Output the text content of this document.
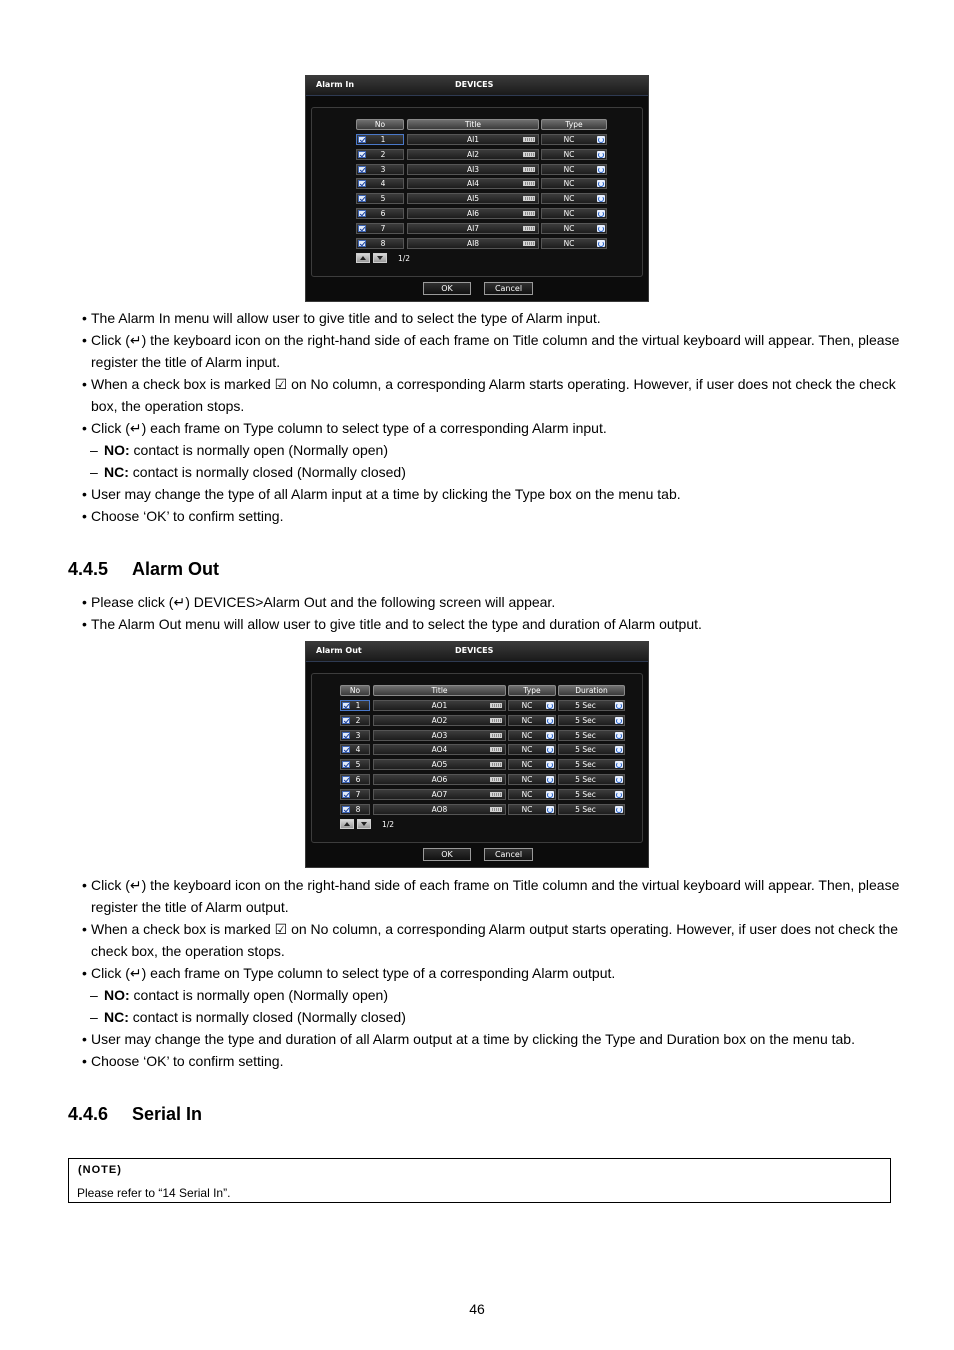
Alarm In	DEVICES
No	Title	Type
1	AI1	NC
2	AI2	NC
3	AI3	NC
4	AI4	NC
5	AI5	NC
6	AI6	NC
7	AI7	NC
8	AI8	NC
1/2
OK	Cancel
• The Alarm In menu will allow user to give title and to select the type of Alarm input.
• Click (↵) the keyboard icon on the right-hand side of each frame on Title column and the virtual keyboard will appear. Then, please register the title of Alarm input.
• When a check box is marked ☑ on No column, a corresponding Alarm starts operating. However, if user does not check the check box, the operation stops.
• Click (↵) each frame on Type column to select type of a corresponding Alarm input.
– NO: contact is normally open (Normally open)
– NC: contact is normally closed (Normally closed)
• User may change the type of all Alarm input at a time by clicking the Type box on the menu tab.
• Choose ‘OK’ to confirm setting.
4.4.5 Alarm Out
• Please click (↵) DEVICES>Alarm Out and the following screen will appear.
• The Alarm Out menu will allow user to give title and to select the type and duration of Alarm output.
Alarm Out	DEVICES
No	Title	Type	Duration
1	AO1	NC	5 Sec
2	AO2	NC	5 Sec
3	AO3	NC	5 Sec
4	AO4	NC	5 Sec
5	AO5	NC	5 Sec
6	AO6	NC	5 Sec
7	AO7	NC	5 Sec
8	AO8	NC	5 Sec
1/2
OK	Cancel
• Click (↵) the keyboard icon on the right-hand side of each frame on Title column and the virtual keyboard will appear. Then, please register the title of Alarm output.
• When a check box is marked ☑ on No column, a corresponding Alarm output starts operating. However, if user does not check the check box, the operation stops.
• Click (↵) each frame on Type column to select type of a corresponding Alarm output.
– NO: contact is normally open (Normally open)
– NC: contact is normally closed (Normally closed)
• User may change the type and duration of all Alarm output at a time by clicking the Type and Duration box on the menu tab.
• Choose ‘OK’ to confirm setting.
4.4.6 Serial In
(NOTE)
Please refer to “14 Serial In”.
46
